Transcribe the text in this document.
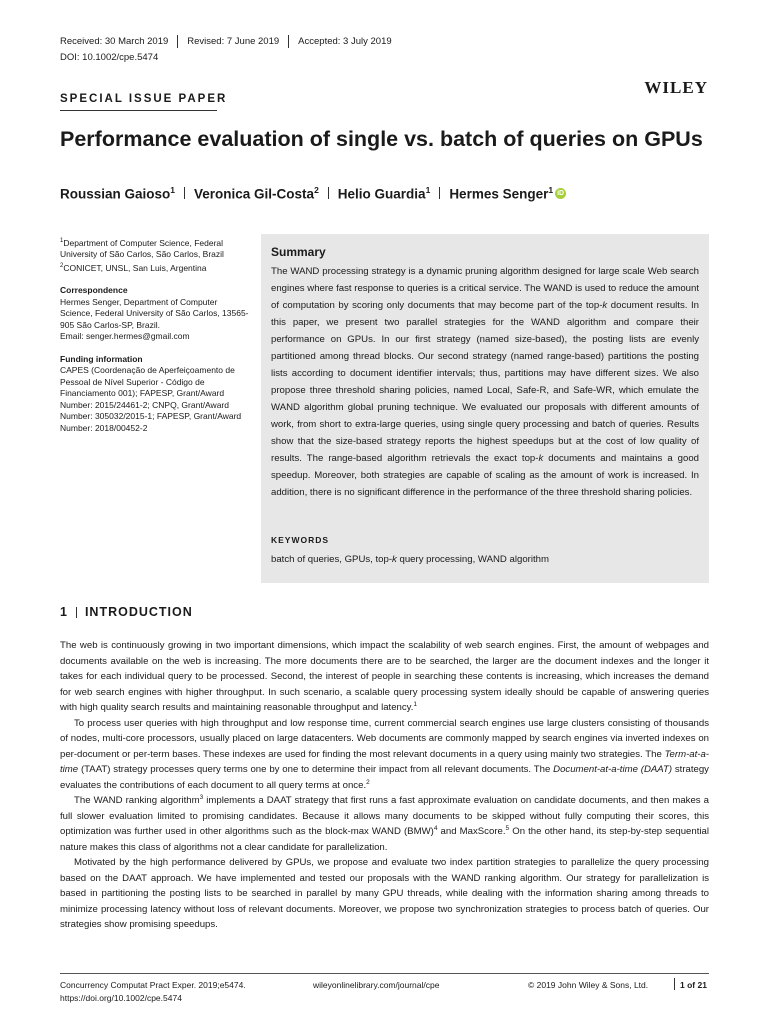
Received: 30 March 2019 Revised: 7 June 2019 Accepted: 3 July 2019
DOI: 10.1002/cpe.5474
WILEY
SPECIAL ISSUE PAPER
Performance evaluation of single vs. batch of queries on GPUs
Roussian Gaioso$^1$ Veronica Gil-Costa$^2$ Helio Guardia$^1$ Hermes Senger$^1$ iD
$^1$Department of Computer Science, Federal University of São Carlos, São Carlos, Brazil
$^2$CONICET, UNSL, San Luis, Argentina
Correspondence
Hermes Senger, Department of Computer Science, Federal University of São Carlos, 13565-905 São Carlos-SP, Brazil.
Email: senger.hermes@gmail.com
Funding information
CAPES (Coordenação de Aperfeiçoamento de Pessoal de Nível Superior - Código de Financiamento 001); FAPESP, Grant/Award Number: 2015/24461-2; CNPQ, Grant/Award Number: 305032/2015-1; FAPESP, Grant/Award Number: 2018/00452-2
Summary
The WAND processing strategy is a dynamic pruning algorithm designed for large scale Web search engines where fast response to queries is a critical service. The WAND is used to reduce the amount of computation by scoring only documents that may become part of the top-k document results. In this paper, we present two parallel strategies for the WAND algorithm and compare their performance on GPUs. In our first strategy (named size-based), the posting lists are evenly partitioned among thread blocks. Our second strategy (named range-based) partitions the posting lists according to document identifier intervals; thus, partitions may have different sizes. We also propose three threshold sharing policies, named Local, Safe-R, and Safe-WR, which emulate the WAND algorithm global pruning technique. We evaluated our proposals with different amounts of work, from short to extra-large queries, using single query processing and batch of queries. Results show that the size-based strategy reports the highest speedups but at the cost of low quality of results. The range-based algorithm retrievals the exact top-k documents and maintains a good speedup. Moreover, both strategies are capable of scaling as the amount of work is increased. In addition, there is no significant difference in the performance of the three threshold sharing policies.
KEYWORDS
batch of queries, GPUs, top-k query processing, WAND algorithm
1 INTRODUCTION

The web is continuously growing in two important dimensions, which impact the scalability of web search engines. First, the amount of webpages and documents available on the web is increasing. The more documents there are to be searched, the larger are the document indexes and the longer it takes for each individual query to be processed. Second, the interest of people in searching these contents is increasing, which increases the demand for web search engines with higher throughput. In such scenario, a scalable query processing system ideally should be capable of answering queries with high quality search results and maintaining reasonable throughput and latency.$^1$

To process user queries with high throughput and low response time, current commercial search engines use large clusters consisting of thousands of nodes, multi-core processors, usually placed on large datacenters. Web documents are commonly mapped by search engines via inverted indexes on per-document or per-term bases. These indexes are used for finding the most relevant documents in a query using mainly two strategies. The Term-at-a-time (TAAT) strategy processes query terms one by one to determine their impact from all relevant documents. The Document-at-a-time (DAAT) strategy evaluates the contributions of each document to all query terms at once.$^2$

The WAND ranking algorithm$^3$ implements a DAAT strategy that first runs a fast approximate evaluation on candidate documents, and then makes a full slower evaluation limited to promising candidates. Because it allows many documents to be skipped without fully computing their scores, this optimization was further used in other algorithms such as the block-max WAND (BMW)$^4$ and MaxScore.$^5$ On the other hand, its step-by-step sequential nature makes this class of algorithms not a clear candidate for parallelization.

Motivated by the high performance delivered by GPUs, we propose and evaluate two index partition strategies to parallelize the query processing based on the DAAT approach. We have implemented and tested our proposals with the WAND ranking algorithm. Our strategy for parallelization is based in partitioning the posting lists to be searched in parallel by many GPU threads, while dealing with the information sharing among threads to minimize processing latency without loss of relevant documents. Moreover, we propose two synchronization strategies to process batch of queries. Our strategies show promising speedups.

Concurrency Computat Pract Exper. 2019;e5474.
https://doi.org/10.1002/cpe.5474
wileyonlinelibrary.com/journal/cpe	© 2019 John Wiley & Sons, Ltd.	1 of 21
